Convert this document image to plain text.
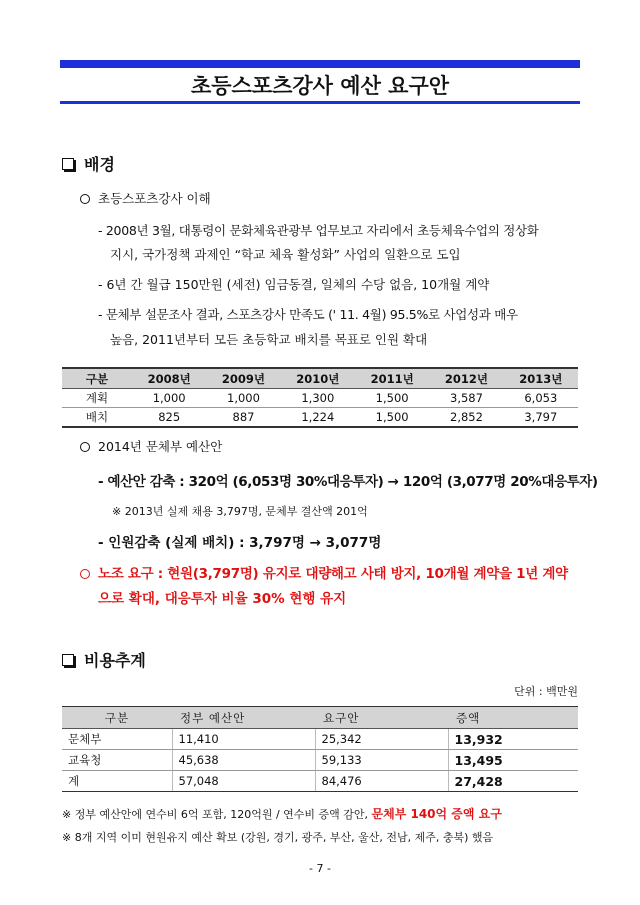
초등스포츠강사 예산 요구안
배경
초등스포츠강사 이해
- 2008년 3월, 대통령이 문화체육관광부 업무보고 자리에서 초등체육수업의 정상화
지시, 국가정책 과제인 “학교 체육 활성화” 사업의 일환으로 도입
- 6년 간 월급 150만원 (세전) 임금동결, 일체의 수당 없음, 10개월 계약
- 문체부 설문조사 결과, 스포츠강사 만족도 (' 11. 4월) 95.5%로 사업성과 매우
높음, 2011년부터 모든 초등학교 배치를 목표로 인원 확대
구분	2008년	2009년	2010년	2011년	2012년	2013년
계획	1,000	1,000	1,300	1,500	3,587	6,053
배치	825	887	1,224	1,500	2,852	3,797
2014년 문체부 예산안
- 예산안 감축 : 320억 (6,053명 30%대응투자) → 120억 (3,077명 20%대응투자)
※ 2013년 실제 채용 3,797명, 문체부 결산액 201억
- 인원감축 (실제 배치) : 3,797명 → 3,077명
노조 요구 : 현원(3,797명) 유지로 대량해고 사태 방지, 10개월 계약을 1년 계약
으로 확대, 대응투자 비율 30% 현행 유지
비용추계
단위 : 백만원
구분	정부 예산안	요구안	증액
문체부	11,410	25,342	13,932
교육청	45,638	59,133	13,495
계	57,048	84,476	27,428
※ 정부 예산안에 연수비 6억 포함, 120억원 / 연수비 증액 감안, 문체부 140억 증액 요구
※ 8개 지역 이미 현원유지 예산 확보 (강원, 경기, 광주, 부산, 울산, 전남, 제주, 충북) 했음
- 7 -
